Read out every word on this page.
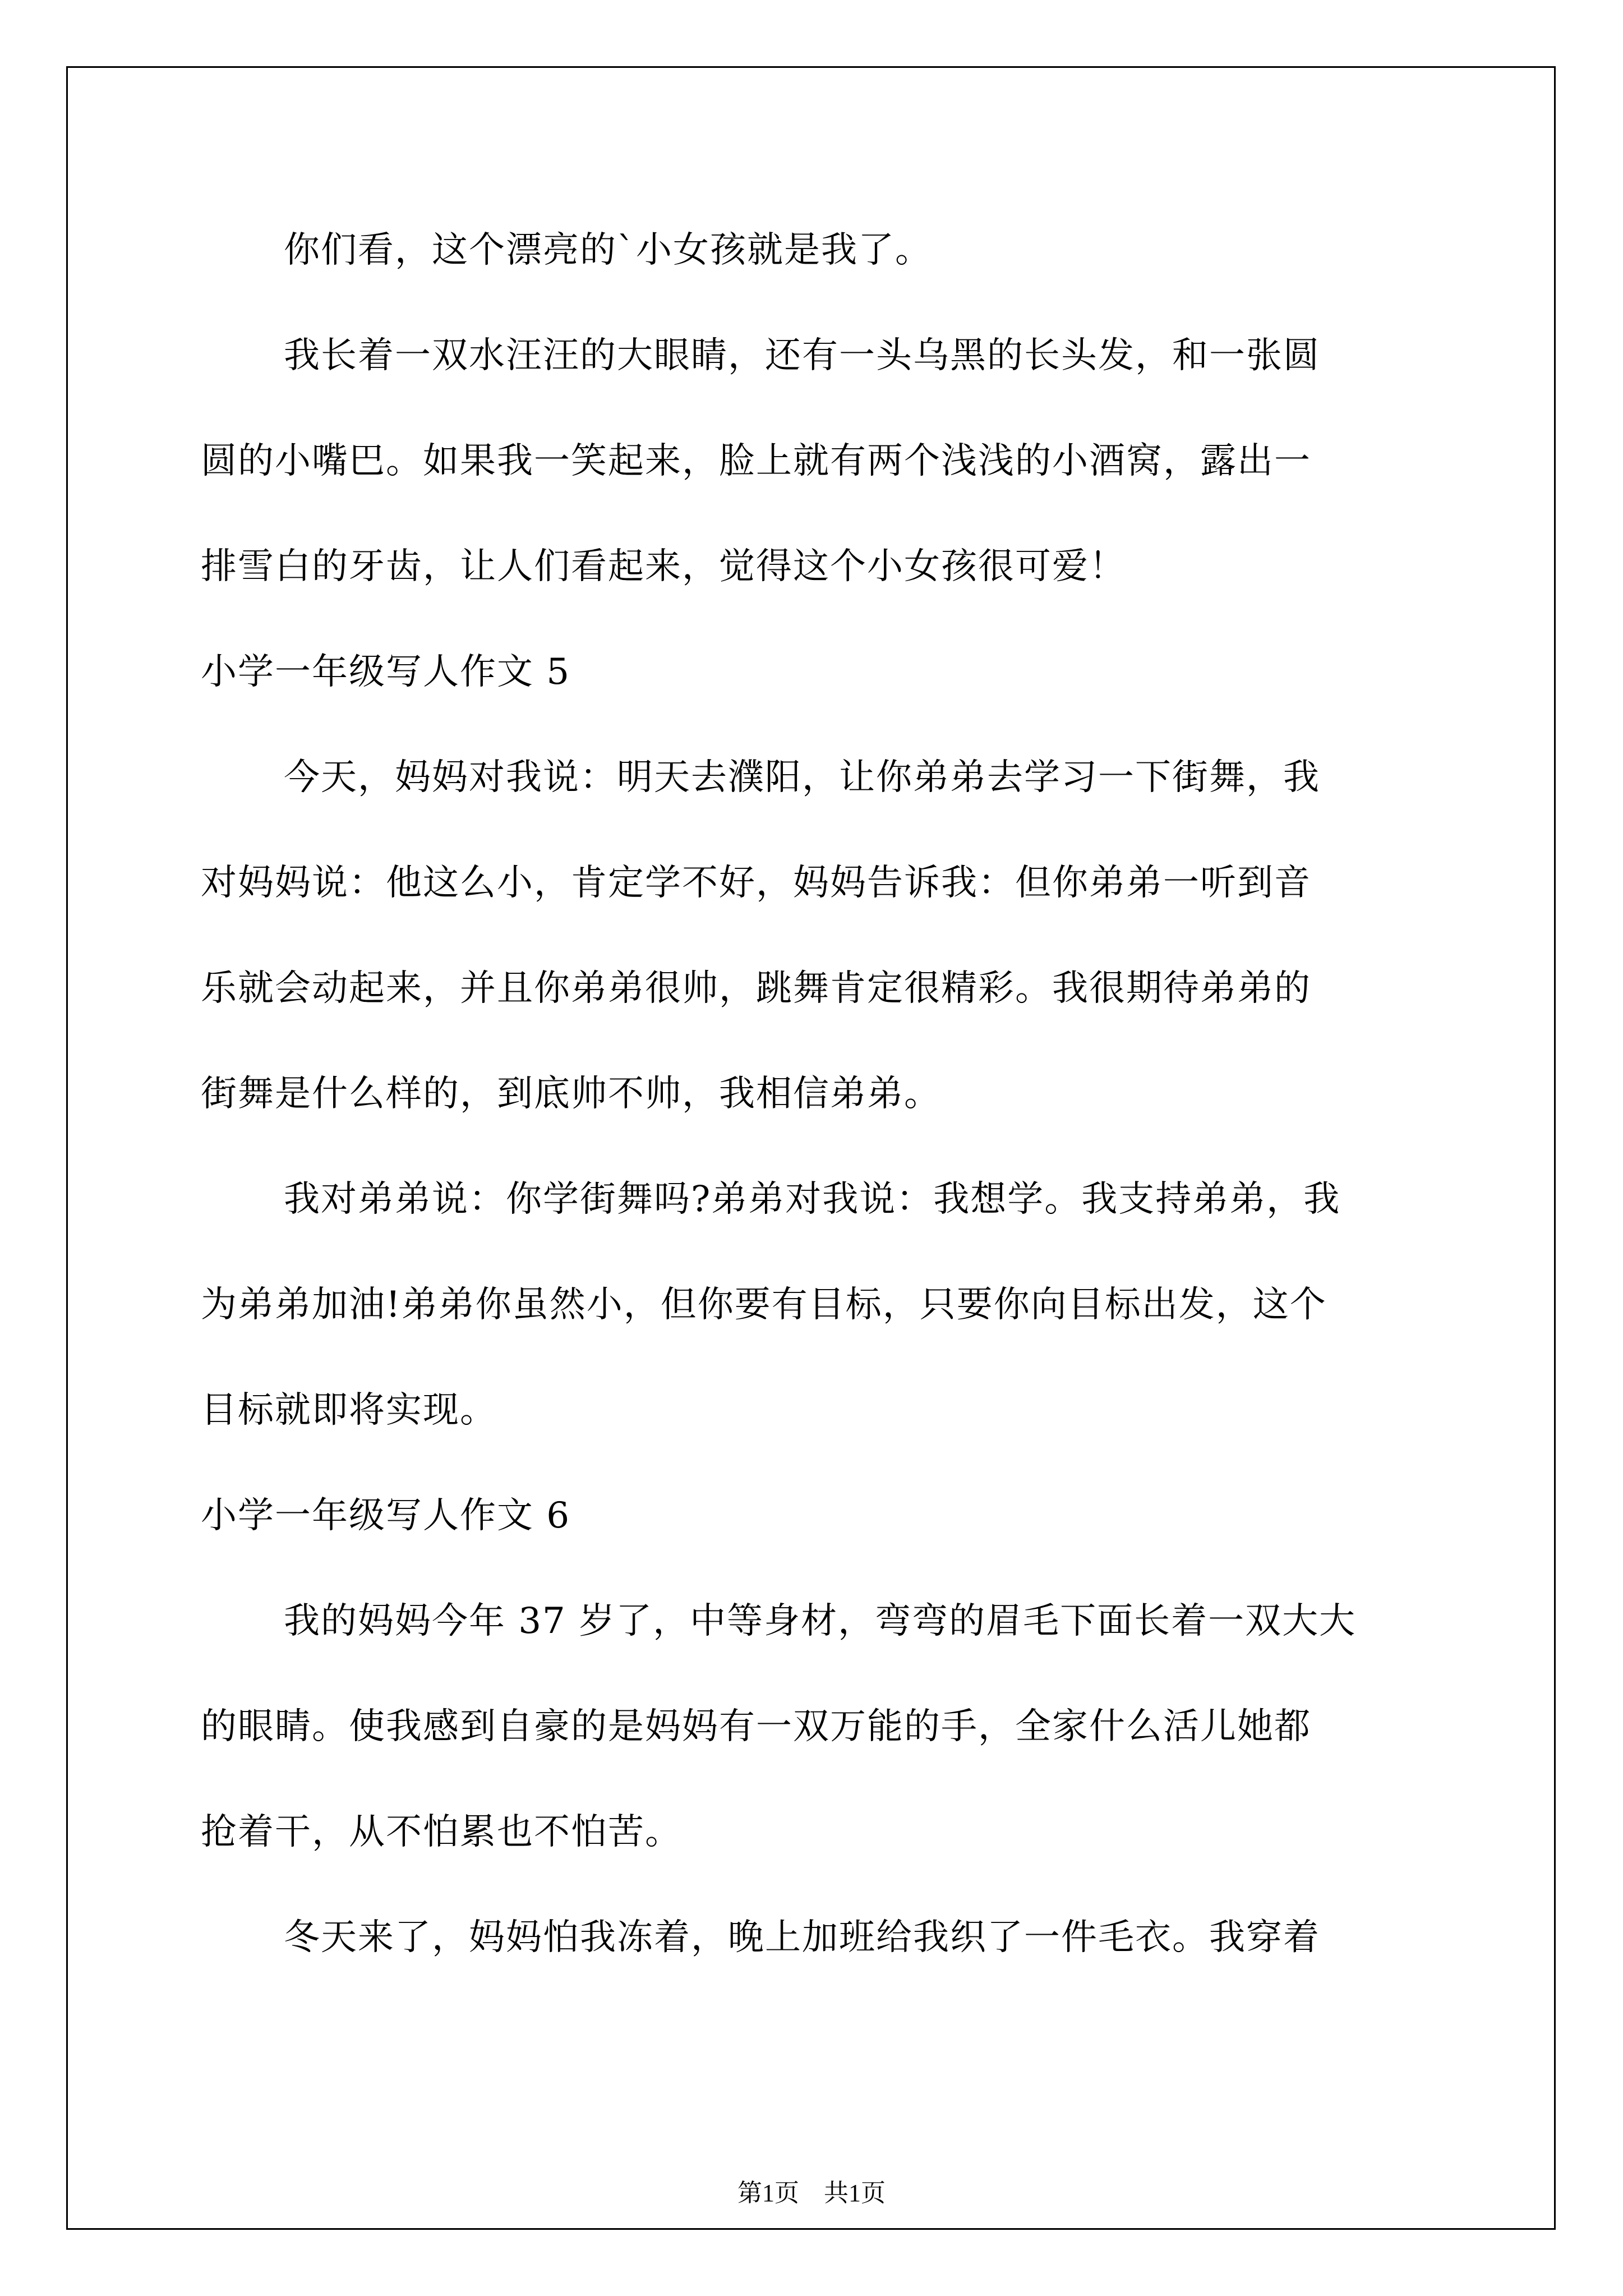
你们看，这个漂亮的`小女孩就是我了。
我长着一双水汪汪的大眼睛，还有一头乌黑的长头发，和一张圆
圆的小嘴巴。如果我一笑起来，脸上就有两个浅浅的小酒窝，露出一
排雪白的牙齿，让人们看起来，觉得这个小女孩很可爱！
小学一年级写人作文 5
今天，妈妈对我说：明天去濮阳，让你弟弟去学习一下街舞，我
对妈妈说：他这么小，肯定学不好，妈妈告诉我：但你弟弟一听到音
乐就会动起来，并且你弟弟很帅，跳舞肯定很精彩。我很期待弟弟的
街舞是什么样的，到底帅不帅，我相信弟弟。
我对弟弟说：你学街舞吗?弟弟对我说：我想学。我支持弟弟，我
为弟弟加油!弟弟你虽然小，但你要有目标，只要你向目标出发，这个
目标就即将实现。
小学一年级写人作文 6
我的妈妈今年 37 岁了，中等身材，弯弯的眉毛下面长着一双大大
的眼睛。使我感到自豪的是妈妈有一双万能的手，全家什么活儿她都
抢着干，从不怕累也不怕苦。
冬天来了，妈妈怕我冻着，晚上加班给我织了一件毛衣。我穿着
第1页 共1页
